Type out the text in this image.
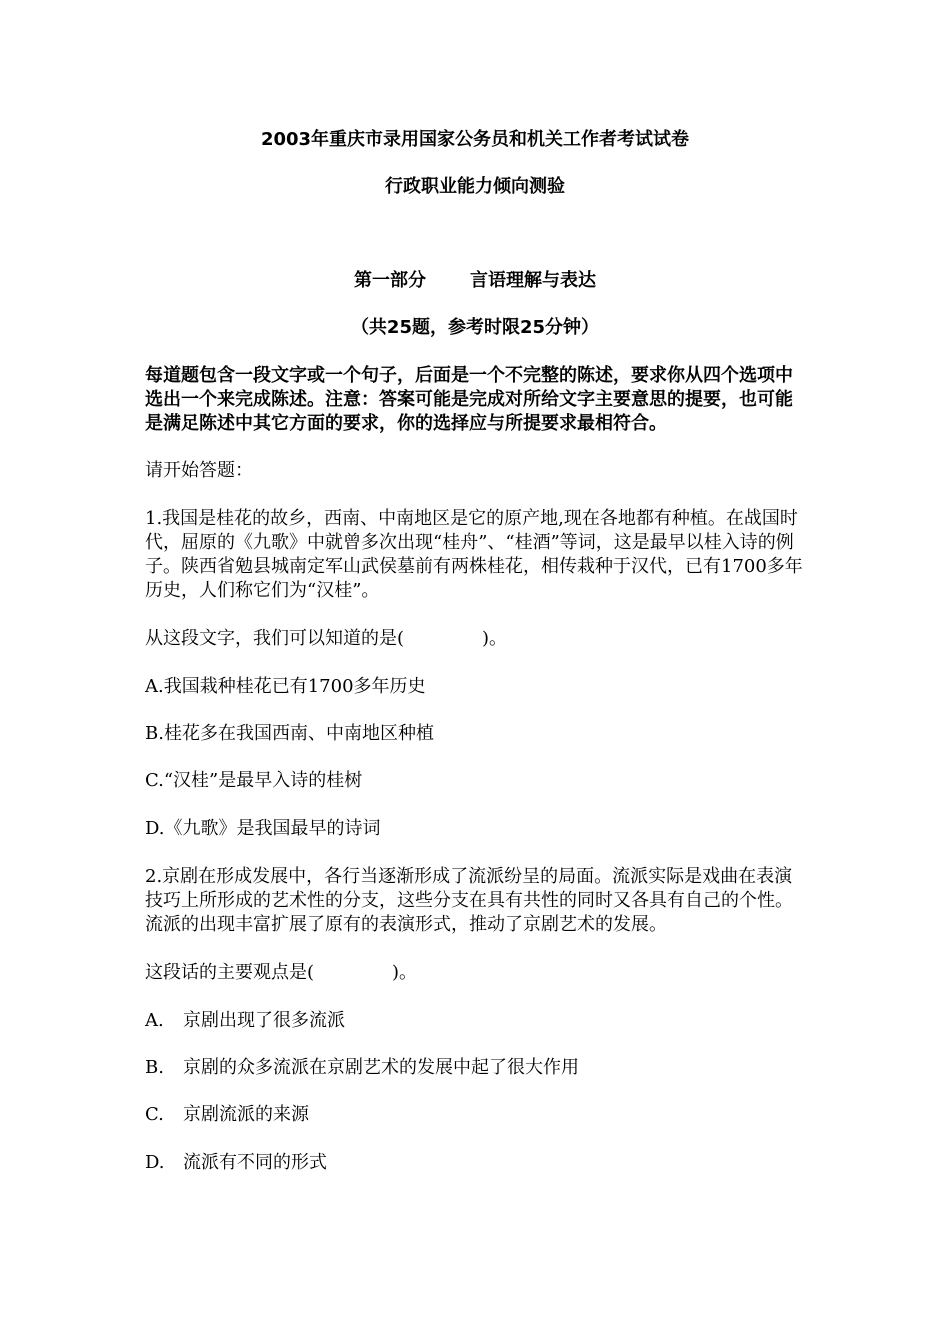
2003年重庆市录用国家公务员和机关工作者考试试卷
行政职业能力倾向测验
第一部分 言语理解与表达
（共25题，参考时限25分钟）
每道题包含一段文字或一个句子，后面是一个不完整的陈述，要求你从四个选项中选出一个来完成陈述。注意：答案可能是完成对所给文字主要意思的提要，也可能是满足陈述中其它方面的要求，你的选择应与所提要求最相符合。
请开始答题：
1.我国是桂花的故乡，西南、中南地区是它的原产地,现在各地都有种植。在战国时代，屈原的《九歌》中就曾多次出现“桂舟”、“桂酒”等词，这是最早以桂入诗的例子。陕西省勉县城南定军山武侯墓前有两株桂花，相传栽种于汉代，已有1700多年历史，人们称它们为“汉桂”。
从这段文字，我们可以知道的是(	)。
A.我国栽种桂花已有1700多年历史
B.桂花多在我国西南、中南地区种植
C.“汉桂”是最早入诗的桂树
D.《九歌》是我国最早的诗词
2.京剧在形成发展中，各行当逐渐形成了流派纷呈的局面。流派实际是戏曲在表演技巧上所形成的艺术性的分支，这些分支在具有共性的同时又各具有自己的个性。流派的出现丰富扩展了原有的表演形式，推动了京剧艺术的发展。
这段话的主要观点是(	)。
A. 京剧出现了很多流派
B. 京剧的众多流派在京剧艺术的发展中起了很大作用
C. 京剧流派的来源
D. 流派有不同的形式
